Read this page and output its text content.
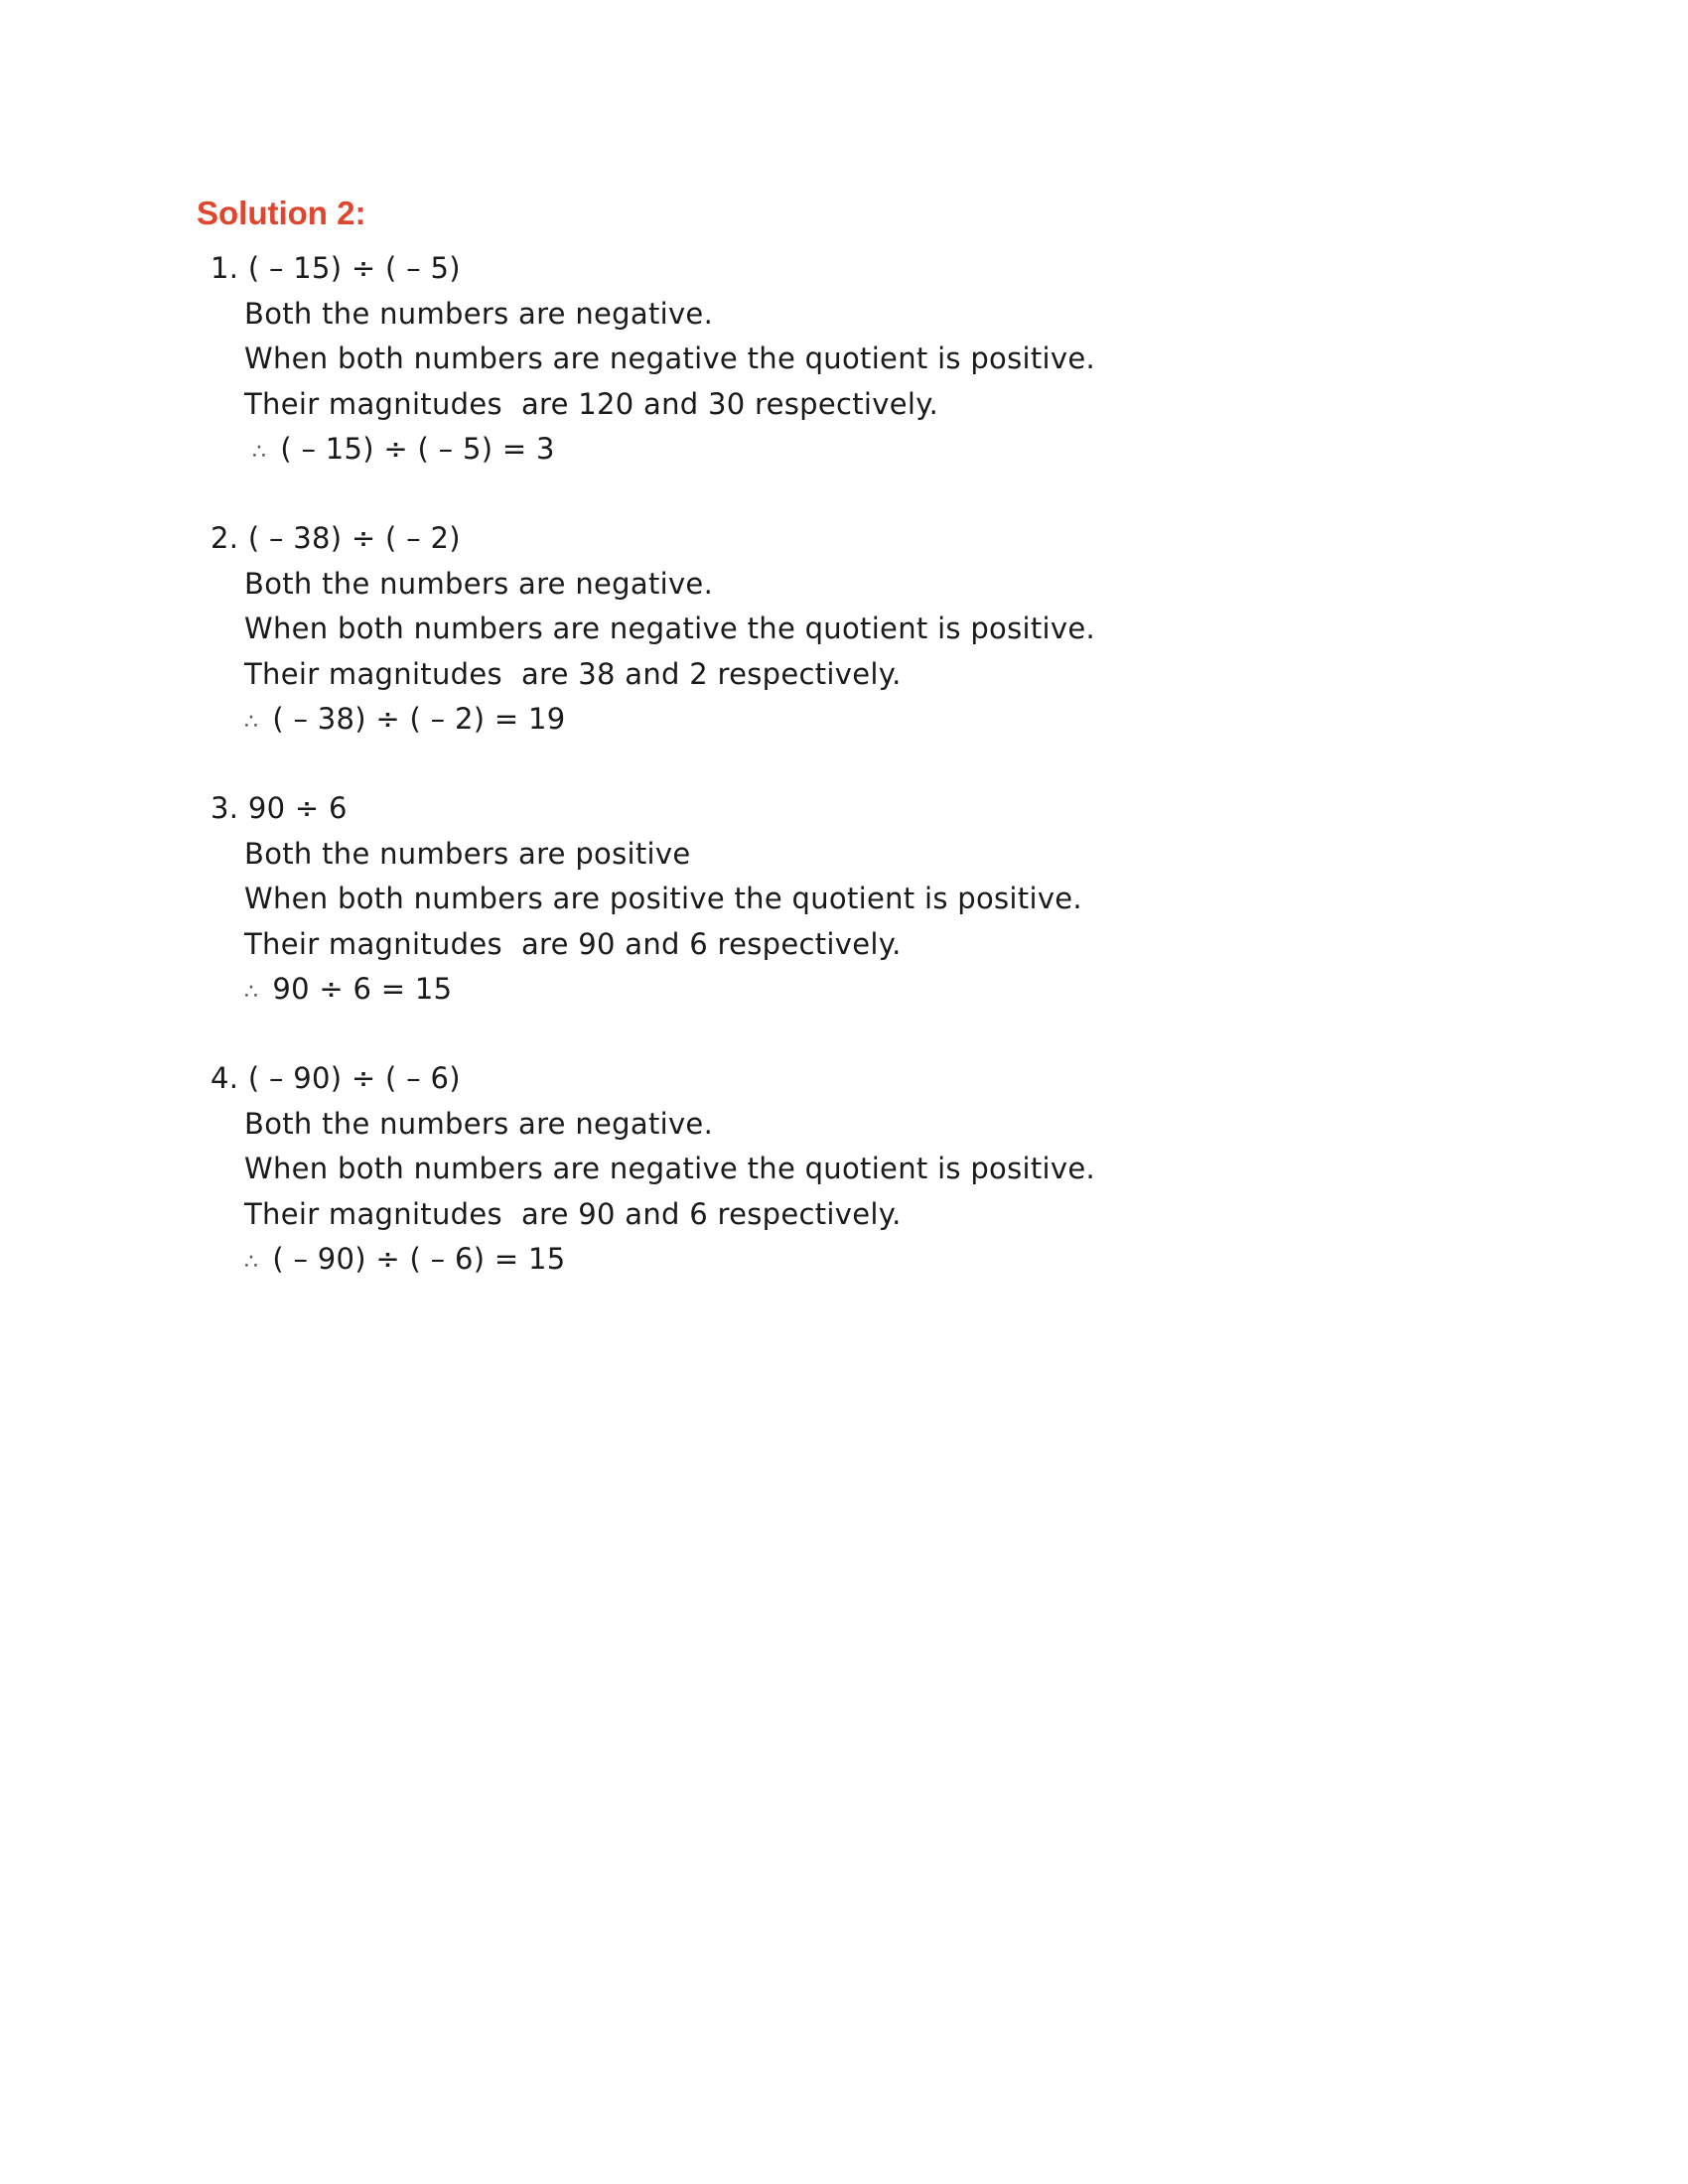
Solution 2:
1. ( – 15) ÷ ( – 5)
Both the numbers are negative.
When both numbers are negative the quotient is positive.
Their magnitudes  are 120 and 30 respectively.
∴ ( – 15) ÷ ( – 5) = 3
2. ( – 38) ÷ ( – 2)
Both the numbers are negative.
When both numbers are negative the quotient is positive.
Their magnitudes  are 38 and 2 respectively.
∴ ( – 38) ÷ ( – 2) = 19
3. 90 ÷ 6
Both the numbers are positive
When both numbers are positive the quotient is positive.
Their magnitudes  are 90 and 6 respectively.
∴ 90 ÷ 6 = 15
4. ( – 90) ÷ ( – 6)
Both the numbers are negative.
When both numbers are negative the quotient is positive.
Their magnitudes  are 90 and 6 respectively.
∴ ( – 90) ÷ ( – 6) = 15
